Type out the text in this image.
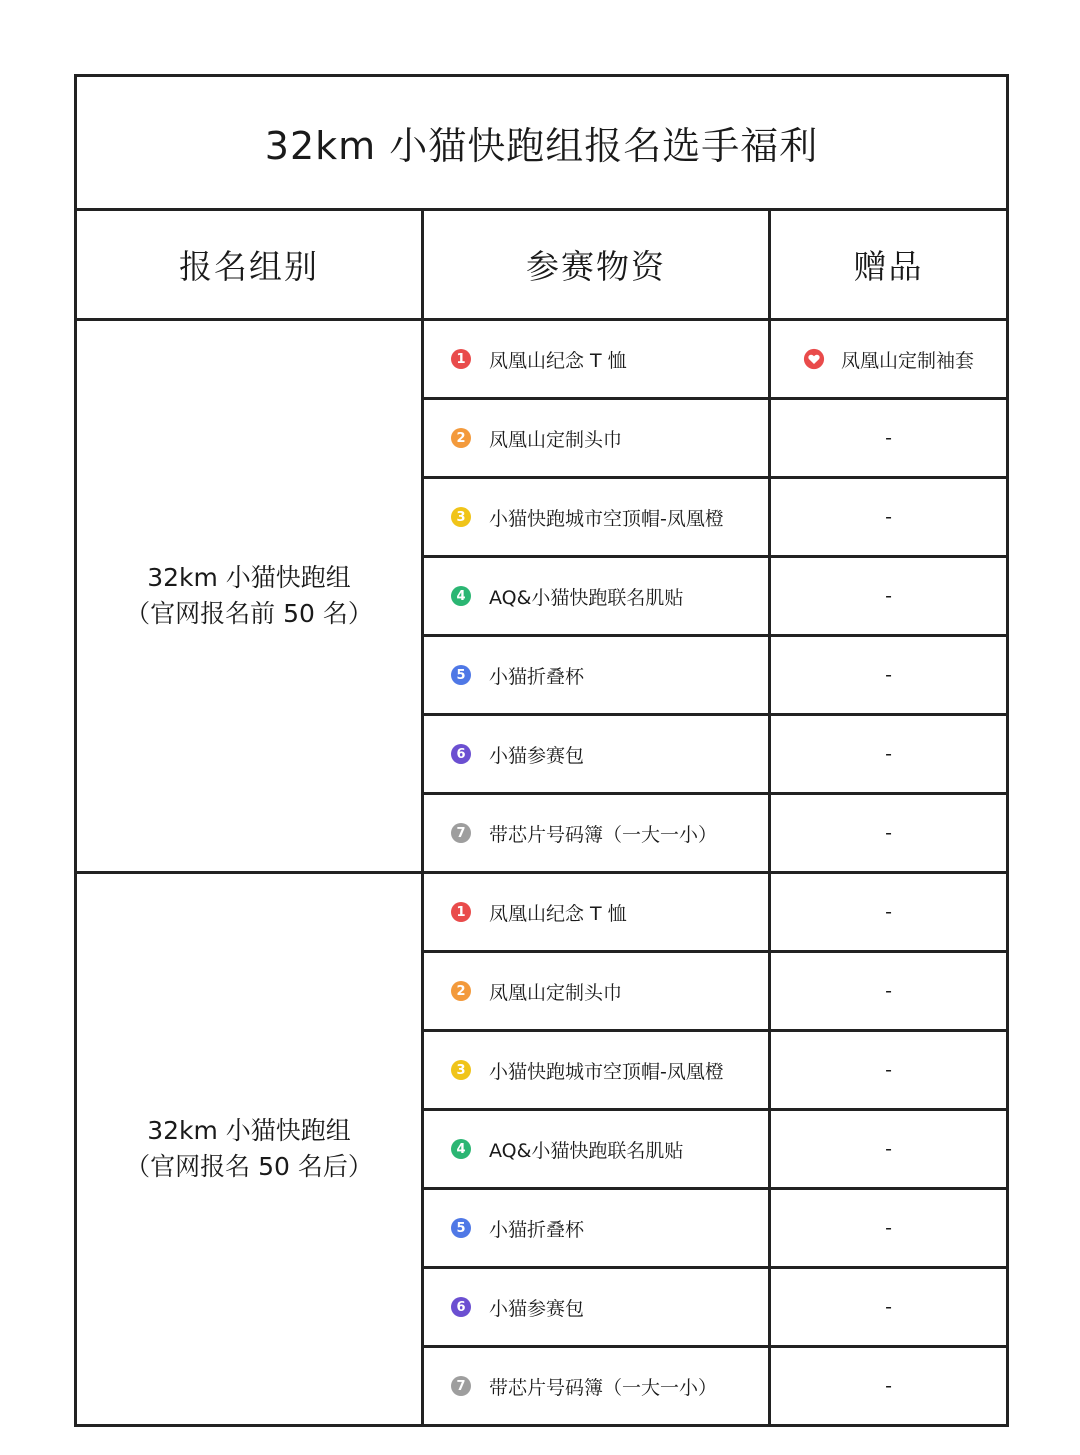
32km 小猫快跑组报名选手福利		
报名组别	参赛物资	赠品

32km 小猫快跑组
（官网报名前 50 名）	1 凤凰山纪念 T 恤	凤凰山定制袖套

2 凤凰山定制头巾	-

3 小猫快跑城市空顶帽-凤凰橙	-

4 AQ&小猫快跑联名肌贴	-

5 小猫折叠杯	-

6 小猫参赛包	-

7 带芯片号码簿（一大一小）	-

32km 小猫快跑组
（官网报名 50 名后）	1 凤凰山纪念 T 恤	-

2 凤凰山定制头巾	-

3 小猫快跑城市空顶帽-凤凰橙	-

4 AQ&小猫快跑联名肌贴	-

5 小猫折叠杯	-

6 小猫参赛包	-

7 带芯片号码簿（一大一小）	-
